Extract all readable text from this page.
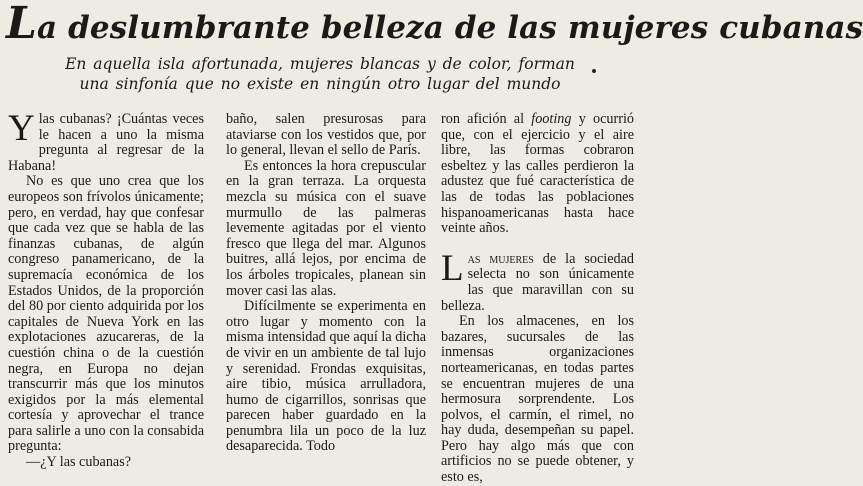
La deslumbrante belleza de las mujeres cubanas
En aquella isla afortunada, mujeres blancas y de color, forman
una sinfonía que no existe en ningún otro lugar del mundo
Y las cubanas? ¡Cuántas veces le hacen a uno la misma pregunta al regresar de la Habana!

No es que uno crea que los europeos son frívolos únicamente; pero, en verdad, hay que confesar que cada vez que se habla de las finanzas cubanas, de algún congreso panamericano, de la supremacía económica de los Estados Unidos, de la proporción del 80 por ciento adquirida por los capitales de Nueva York en las explotaciones azucareras, de la cuestión china o de la cuestión negra, en Europa no dejan transcurrir más que los minutos exigidos por la más elemental cortesía y aprovechar el trance para salirle a uno con la consabida pregunta:

—¿Y las cubanas?

baño, salen presurosas para ataviarse con los vestidos que, por lo general, llevan el sello de París.

Es entonces la hora crepuscular en la gran terraza. La orquesta mezcla su música con el suave murmullo de las palmeras levemente agitadas por el viento fresco que llega del mar. Algunos buitres, allá lejos, por encima de los árboles tropicales, planean sin mover casi las alas.

Difícilmente se experimenta en otro lugar y momento con la misma intensidad que aquí la dicha de vivir en un ambiente de tal lujo y serenidad. Frondas exquisitas, aire tibio, música arrulladora, humo de cigarrillos, sonrisas que parecen haber guardado en la penumbra lila un poco de la luz desaparecida. Todo

ron afición al footing y ocurrió que, con el ejercicio y el aire libre, las formas cobraron esbeltez y las calles perdieron la adustez que fué característica de las de todas las poblaciones hispanoamericanas hasta hace veinte años.

Las mujeres de la sociedad selecta no son únicamente las que maravillan con su belleza.

En los almacenes, en los bazares, sucursales de las inmensas organizaciones norteamericanas, en todas partes se encuentran mujeres de una hermosura sorprendente. Los polvos, el carmín, el rimel, no hay duda, desempeñan su papel. Pero hay algo más que con artificios no se puede obtener, y esto es,
